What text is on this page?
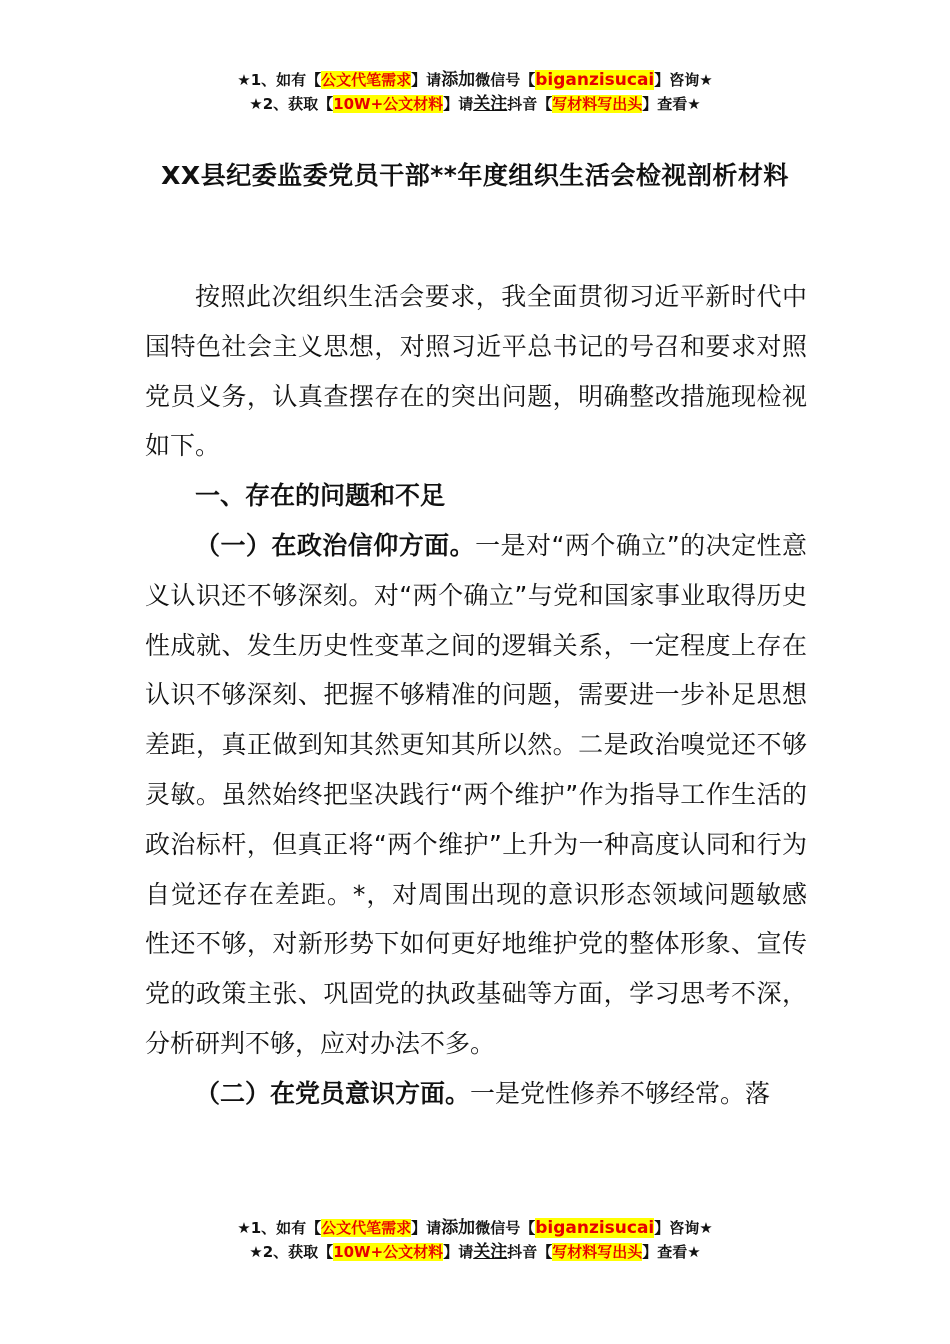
★1、如有【公文代笔需求】请添加微信号【biganzisucai】咨询★
★2、获取【10W+公文材料】请关注抖音【写材料写出头】查看★
XX县纪委监委党员干部**年度组织生活会检视剖析材料

按照此次组织生活会要求，我全面贯彻习近平新时代中国特色社会主义思想，对照习近平总书记的号召和要求对照党员义务，认真查摆存在的突出问题，明确整改措施现检视如下。

一、存在的问题和不足

（一）在政治信仰方面。一是对“两个确立”的决定性意义认识还不够深刻。对“两个确立”与党和国家事业取得历史性成就、发生历史性变革之间的逻辑关系，一定程度上存在认识不够深刻、把握不够精准的问题，需要进一步补足思想差距，真正做到知其然更知其所以然。二是政治嗅觉还不够灵敏。虽然始终把坚决践行“两个维护”作为指导工作生活的政治标杆，但真正将“两个维护”上升为一种高度认同和行为自觉还存在差距。*，对周围出现的意识形态领域问题敏感性还不够，对新形势下如何更好地维护党的整体形象、宣传党的政策主张、巩固党的执政基础等方面，学习思考不深，分析研判不够，应对办法不多。

（二）在党员意识方面。一是党性修养不够经常。落

★1、如有【公文代笔需求】请添加微信号【biganzisucai】咨询★
★2、获取【10W+公文材料】请关注抖音【写材料写出头】查看★
